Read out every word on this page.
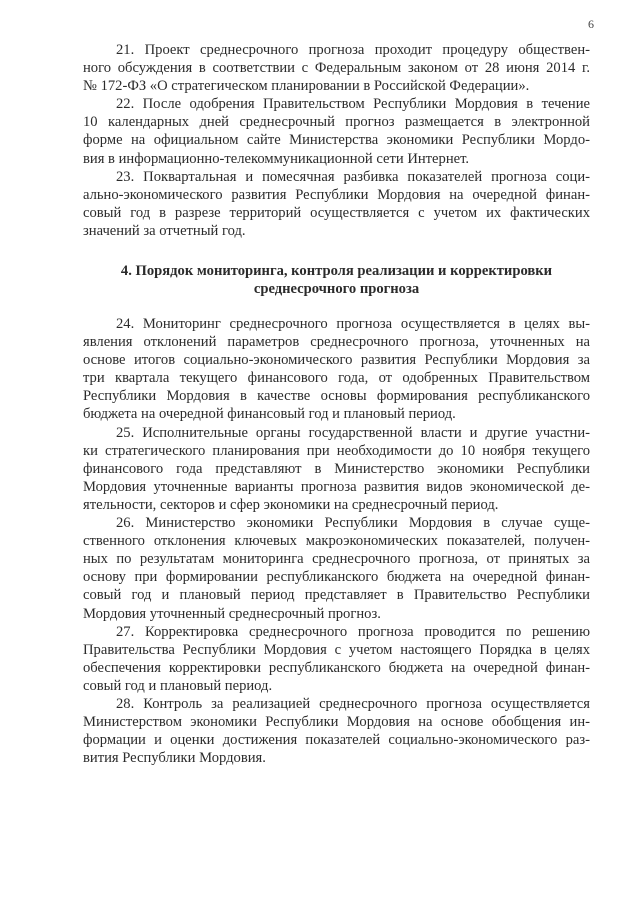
6
21. Проект среднесрочного прогноза проходит процедуру обществен-
ного обсуждения в соответствии с Федеральным законом от 28 июня 2014 г.
№ 172-ФЗ «О стратегическом планировании в Российской Федерации».
22. После одобрения Правительством Республики Мордовия в течение
10 календарных дней среднесрочный прогноз размещается в электронной
форме на официальном сайте Министерства экономики Республики Мордо-
вия в информационно-телекоммуникационной сети Интернет.
23. Поквартальная и помесячная разбивка показателей прогноза соци-
ально-экономического развития Республики Мордовия на очередной финан-
совый год в разрезе территорий осуществляется с учетом их фактических
значений за отчетный год.
4. Порядок мониторинга, контроля реализации и корректировки
среднесрочного прогноза
24. Мониторинг среднесрочного прогноза осуществляется в целях вы-
явления отклонений параметров среднесрочного прогноза, уточненных на
основе итогов социально-экономического развития Республики Мордовия за
три квартала текущего финансового года, от одобренных Правительством
Республики Мордовия в качестве основы формирования республиканского
бюджета на очередной финансовый год и плановый период.
25. Исполнительные органы государственной власти и другие участни-
ки стратегического планирования при необходимости до 10 ноября текущего
финансового года представляют в Министерство экономики Республики
Мордовия уточненные варианты прогноза развития видов экономической де-
ятельности, секторов и сфер экономики на среднесрочный период.
26. Министерство экономики Республики Мордовия в случае суще-
ственного отклонения ключевых макроэкономических показателей, получен-
ных по результатам мониторинга среднесрочного прогноза, от принятых за
основу при формировании республиканского бюджета на очередной финан-
совый год и плановый период представляет в Правительство Республики
Мордовия уточненный среднесрочный прогноз.
27. Корректировка среднесрочного прогноза проводится по решению
Правительства Республики Мордовия с учетом настоящего Порядка в целях
обеспечения корректировки республиканского бюджета на очередной финан-
совый год и плановый период.
28. Контроль за реализацией среднесрочного прогноза осуществляется
Министерством экономики Республики Мордовия на основе обобщения ин-
формации и оценки достижения показателей социально-экономического раз-
вития Республики Мордовия.
